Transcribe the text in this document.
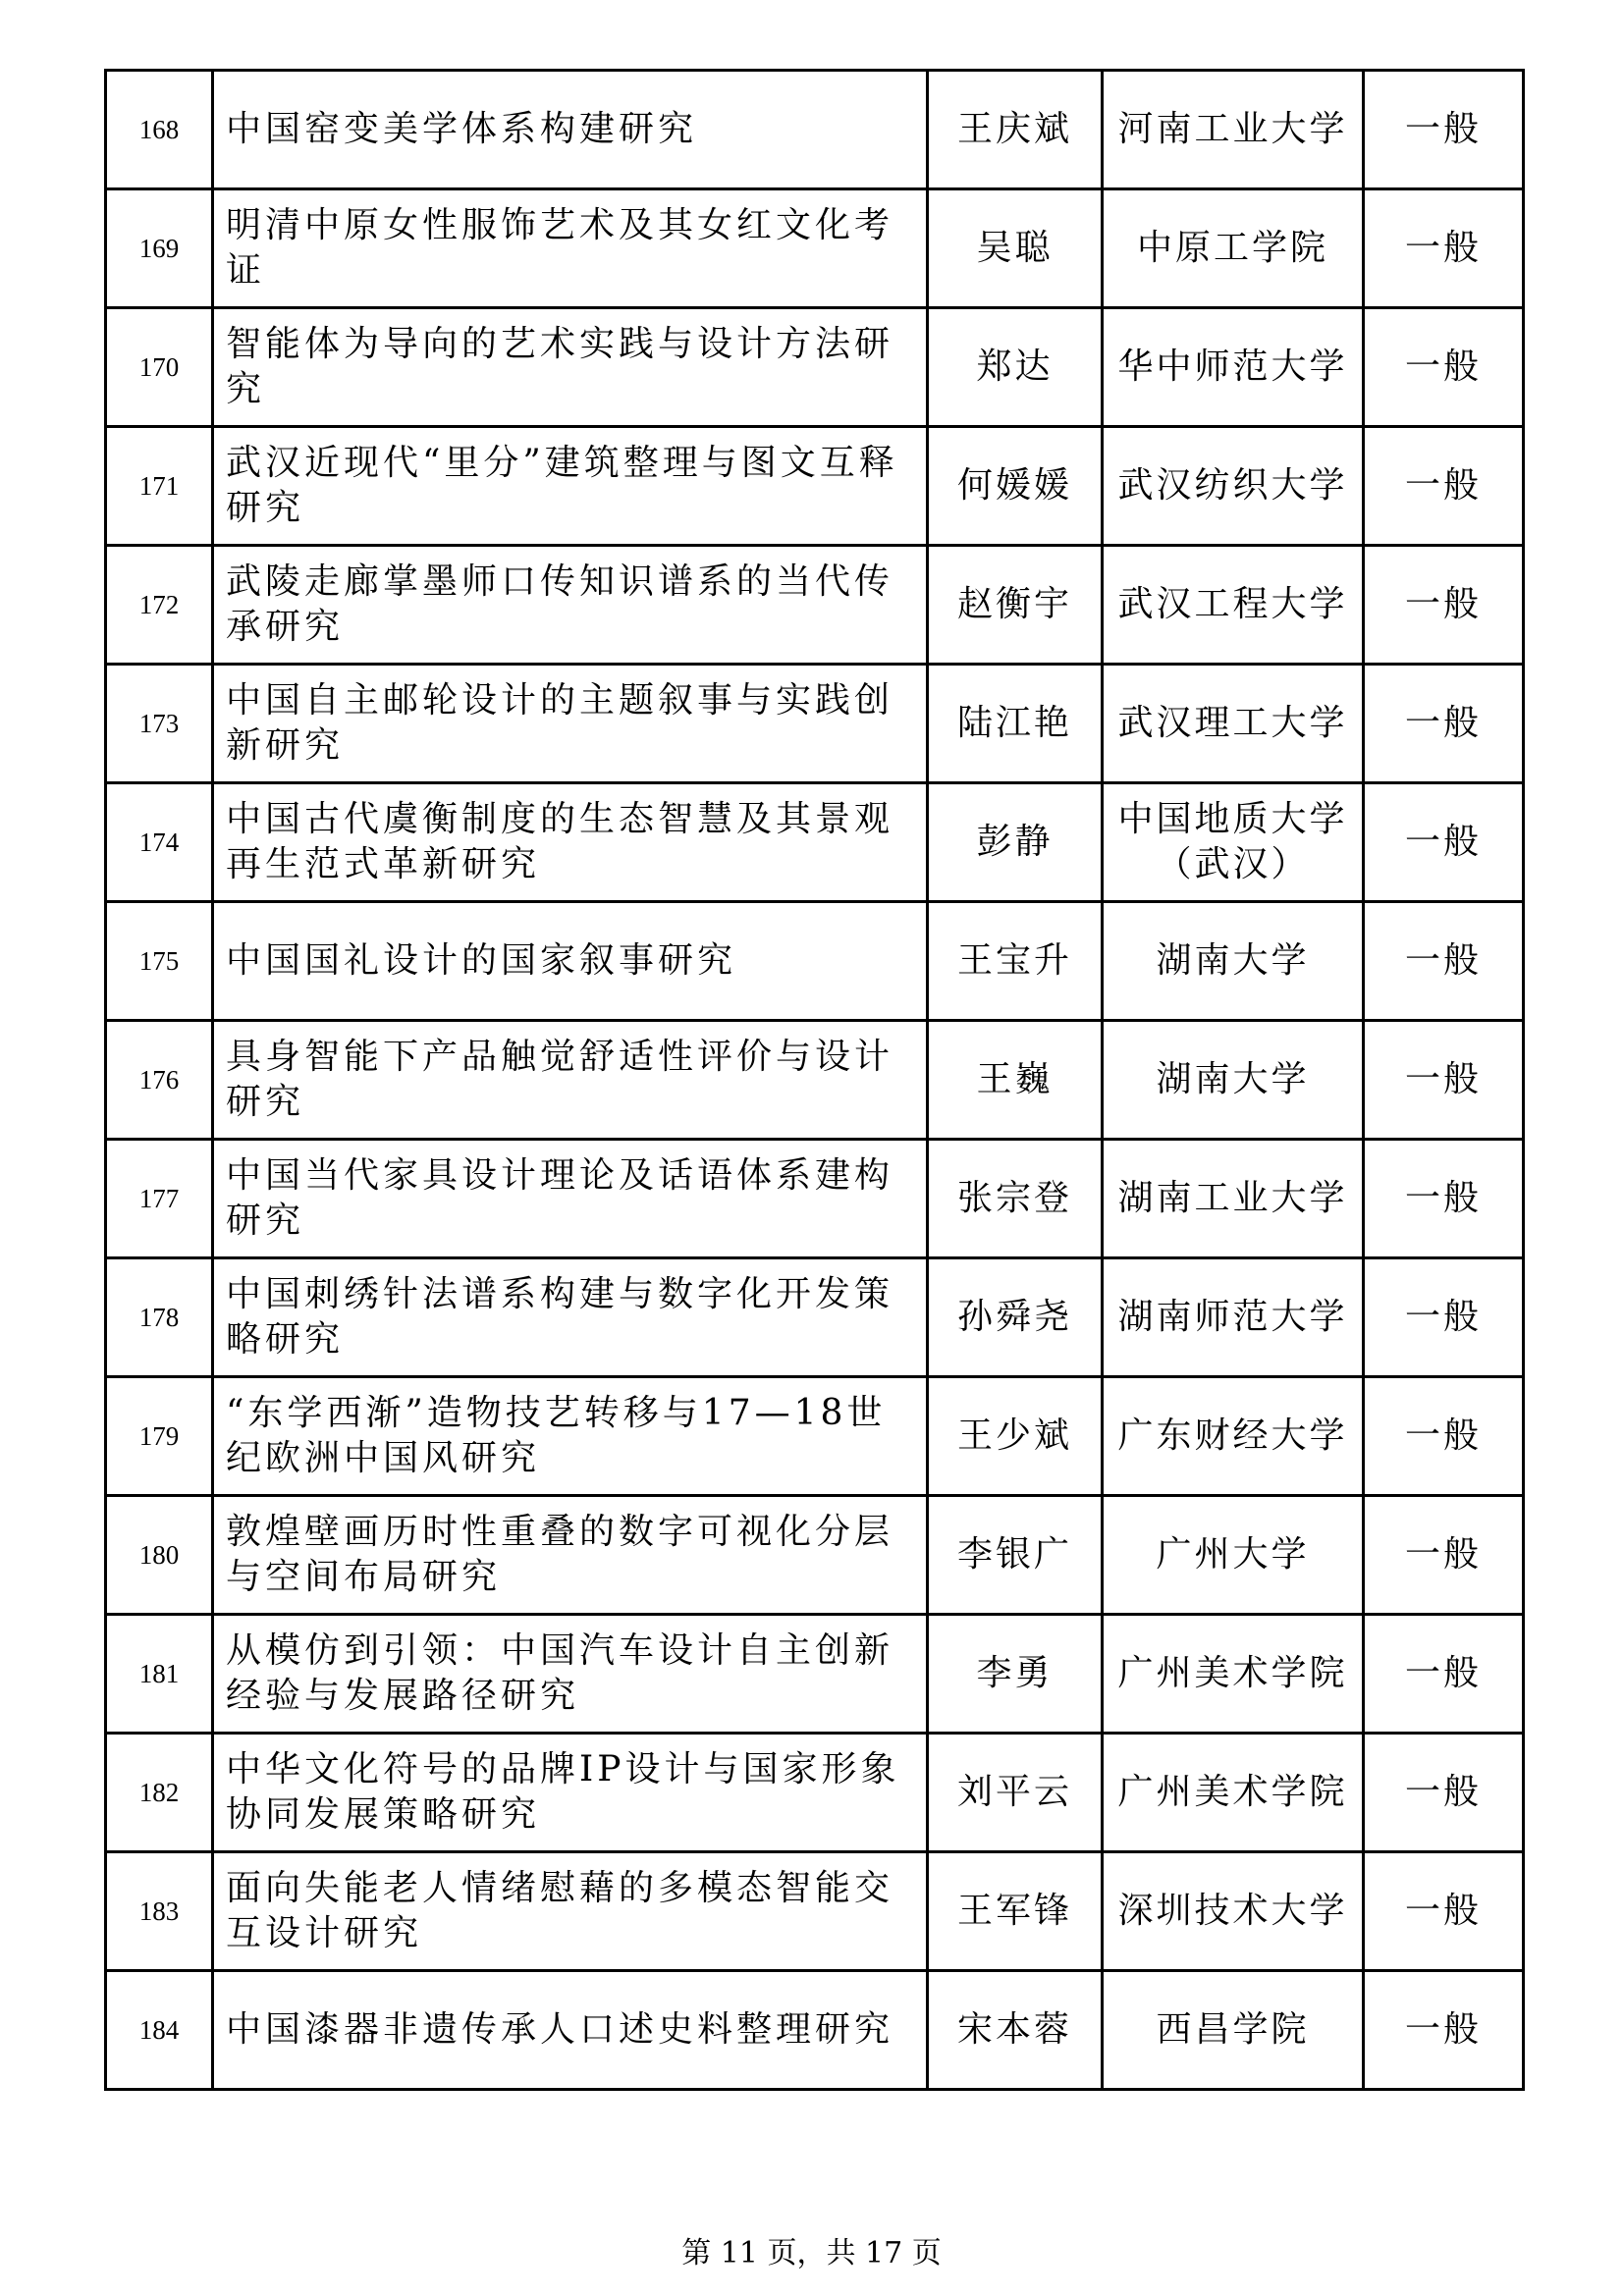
168	中国窑变美学体系构建研究	王庆斌	河南工业大学	一般
169	明清中原女性服饰艺术及其女红文化考证	吴聪	中原工学院	一般
170	智能体为导向的艺术实践与设计方法研究	郑达	华中师范大学	一般
171	武汉近现代“里分”建筑整理与图文互释研究	何媛媛	武汉纺织大学	一般
172	武陵走廊掌墨师口传知识谱系的当代传承研究	赵衡宇	武汉工程大学	一般
173	中国自主邮轮设计的主题叙事与实践创新研究	陆江艳	武汉理工大学	一般
174	中国古代虞衡制度的生态智慧及其景观再生范式革新研究	彭静	中国地质大学（武汉）	一般
175	中国国礼设计的国家叙事研究	王宝升	湖南大学	一般
176	具身智能下产品触觉舒适性评价与设计研究	王巍	湖南大学	一般
177	中国当代家具设计理论及话语体系建构研究	张宗登	湖南工业大学	一般
178	中国刺绣针法谱系构建与数字化开发策略研究	孙舜尧	湖南师范大学	一般
179	“东学西渐”造物技艺转移与17—18世纪欧洲中国风研究	王少斌	广东财经大学	一般
180	敦煌壁画历时性重叠的数字可视化分层与空间布局研究	李银广	广州大学	一般
181	从模仿到引领：中国汽车设计自主创新经验与发展路径研究	李勇	广州美术学院	一般
182	中华文化符号的品牌IP设计与国家形象协同发展策略研究	刘平云	广州美术学院	一般
183	面向失能老人情绪慰藉的多模态智能交互设计研究	王军锋	深圳技术大学	一般
184	中国漆器非遗传承人口述史料整理研究	宋本蓉	西昌学院	一般
第 11 页，共 17 页
